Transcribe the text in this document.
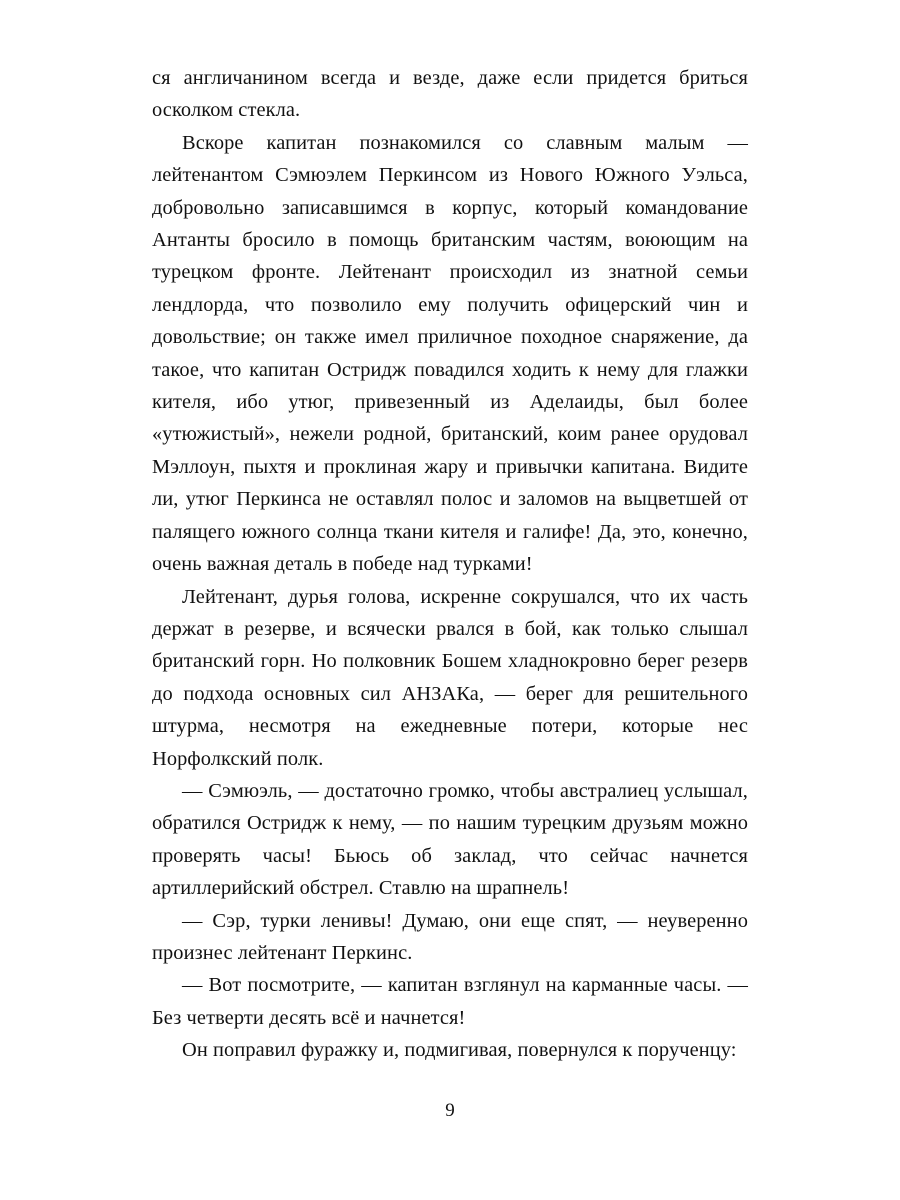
ся англичанином всегда и везде, даже если придется бриться осколком стекла.

Вскоре капитан познакомился со славным малым — лейтенантом Сэмюэлем Перкинсом из Нового Южного Уэльса, добровольно записавшимся в корпус, который командование Антанты бросило в помощь британским частям, воюющим на турецком фронте. Лейтенант происходил из знатной семьи лендлорда, что позволило ему получить офицерский чин и довольствие; он также имел приличное походное снаряжение, да такое, что капитан Остридж повадился ходить к нему для глажки кителя, ибо утюг, привезенный из Аделаиды, был более «утюжистый», нежели родной, британский, коим ранее орудовал Мэллоун, пыхтя и проклиная жару и привычки капитана. Видите ли, утюг Перкинса не оставлял полос и заломов на выцветшей от палящего южного солнца ткани кителя и галифе! Да, это, конечно, очень важная деталь в победе над турками!

Лейтенант, дурья голова, искренне сокрушался, что их часть держат в резерве, и всячески рвался в бой, как только слышал британский горн. Но полковник Бошем хладнокровно берег резерв до подхода основных сил АНЗАКа, — берег для решительного штурма, несмотря на ежедневные потери, которые нес Норфолкский полк.

— Сэмюэль, — достаточно громко, чтобы австралиец услышал, обратился Остридж к нему, — по нашим турецким друзьям можно проверять часы! Бьюсь об заклад, что сейчас начнется артиллерийский обстрел. Ставлю на шрапнель!

— Сэр, турки ленивы! Думаю, они еще спят, — неуверенно произнес лейтенант Перкинс.

— Вот посмотрите, — капитан взглянул на карманные часы. — Без четверти десять всё и начнется!

Он поправил фуражку и, подмигивая, повернулся к порученцу:

9
